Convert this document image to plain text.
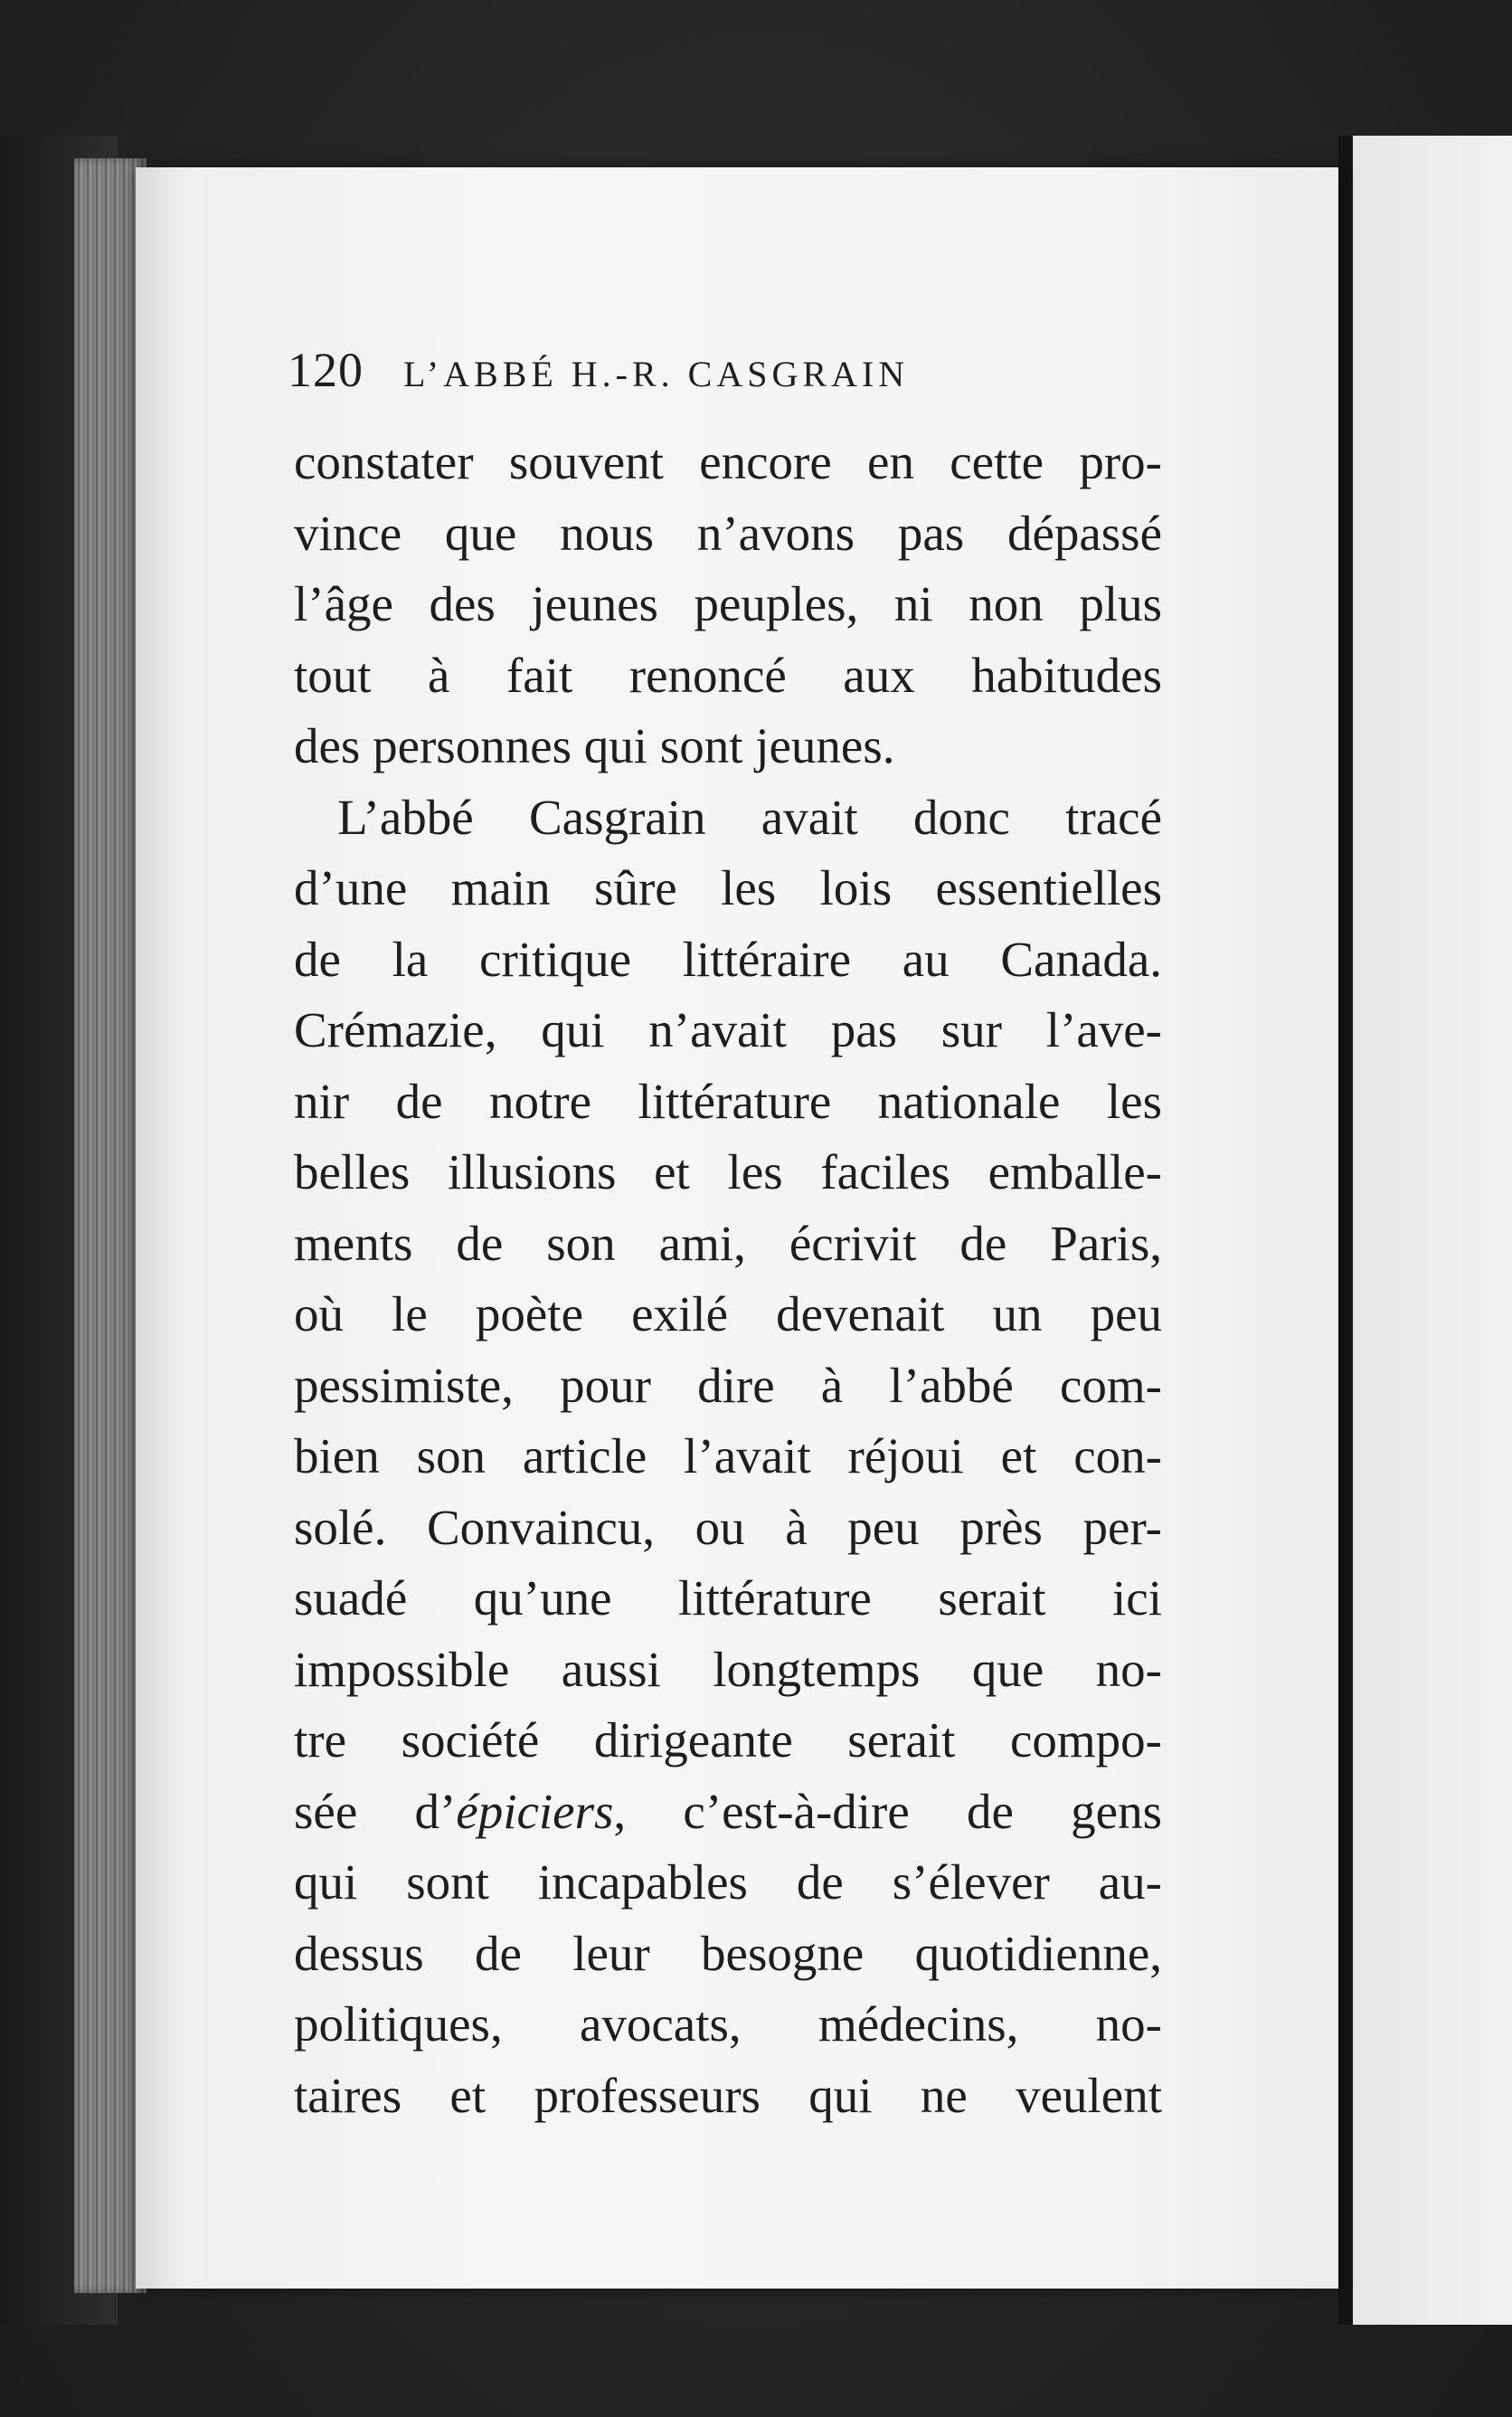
120 L’ABBÉ H.-R. CASGRAIN
constater souvent encore en cette pro-
vince que nous n’avons pas dépassé
l’âge des jeunes peuples, ni non plus
tout à fait renoncé aux habitudes
des personnes qui sont jeunes.
L’abbé Casgrain avait donc tracé
d’une main sûre les lois essentielles
de la critique littéraire au Canada.
Crémazie, qui n’avait pas sur l’ave-
nir de notre littérature nationale les
belles illusions et les faciles emballe-
ments de son ami, écrivit de Paris,
où le poète exilé devenait un peu
pessimiste, pour dire à l’abbé com-
bien son article l’avait réjoui et con-
solé. Convaincu, ou à peu près per-
suadé qu’une littérature serait ici
impossible aussi longtemps que no-
tre société dirigeante serait compo-
sée d’épiciers, c’est-à-dire de gens
qui sont incapables de s’élever au-
dessus de leur besogne quotidienne,
politiques, avocats, médecins, no-
taires et professeurs qui ne veulent
